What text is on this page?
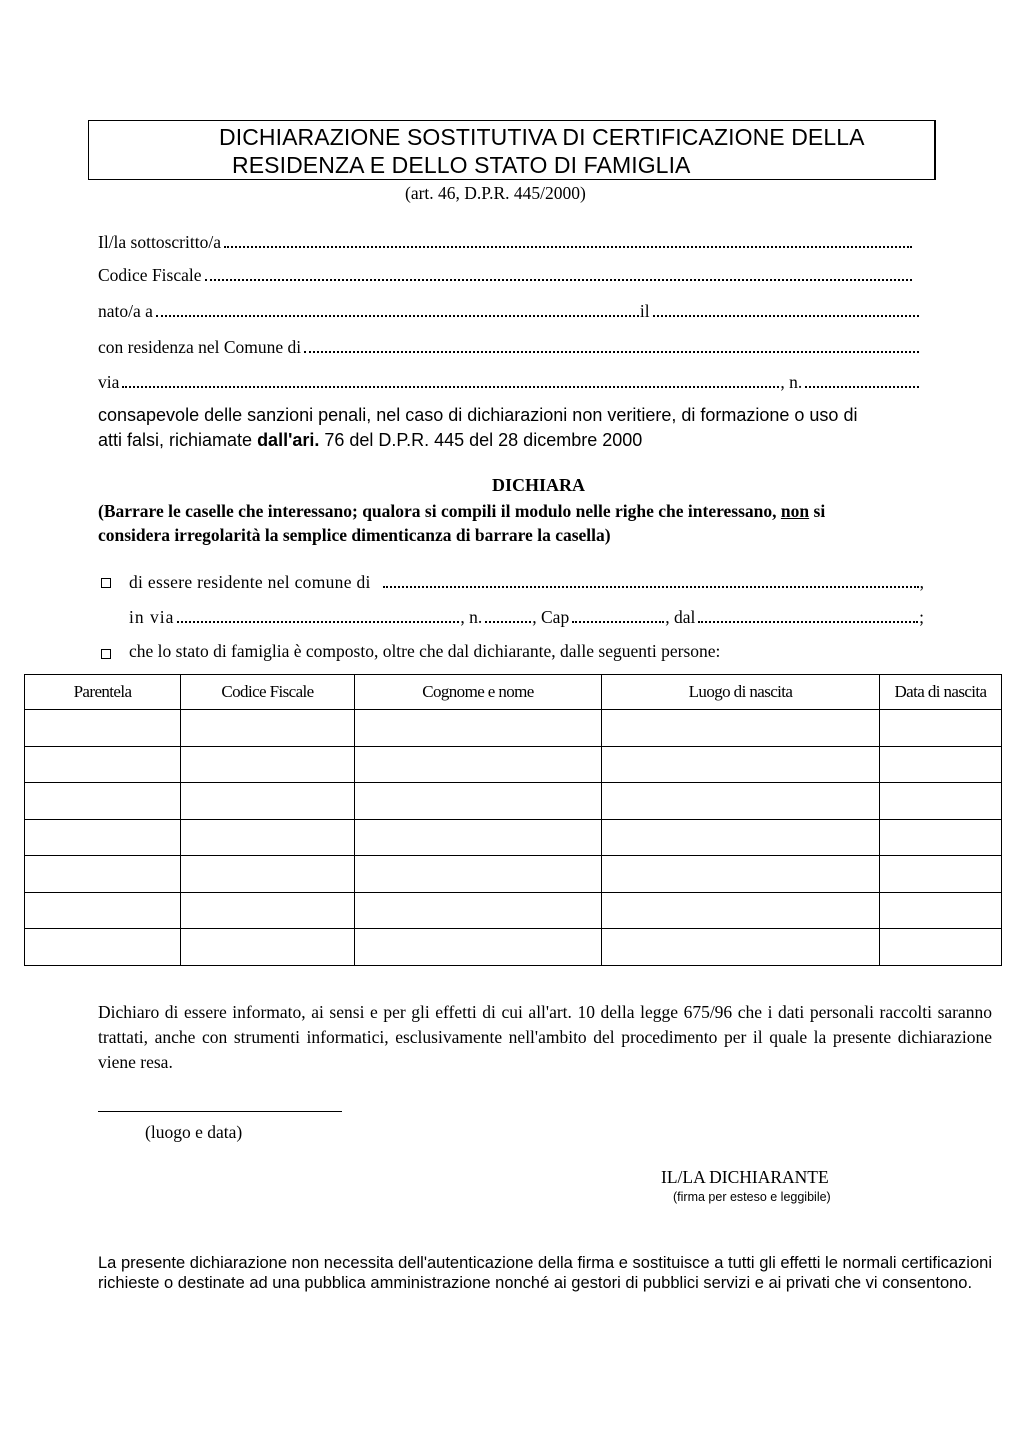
DICHIARAZIONE SOSTITUTIVA DI CERTIFICAZIONE DELLA
RESIDENZA E DELLO STATO DI FAMIGLIA
(art. 46, D.P.R. 445/2000)
Il/la sottoscritto/a
Codice Fiscale
nato/a a	il
con residenza nel Comune di
via	, n.
consapevole delle sanzioni penali, nel caso di dichiarazioni non veritiere, di formazione o uso di
atti falsi, richiamate dall'ari. 76 del D.P.R. 445 del 28 dicembre 2000
DICHIARA
(Barrare le caselle che interessano; qualora si compili il modulo nelle righe che interessano, non si
considera irregolarità la semplice dimenticanza di barrare la casella)
di essere residente nel comune di	,
in via	, n.	, Cap	, dal	;
che lo stato di famiglia è composto, oltre che dal dichiarante, dalle seguenti persone:
Parentela	Codice Fiscale	Cognome e nome	Luogo di nascita	Data di nascita

Dichiaro di essere informato, ai sensi e per gli effetti di cui all'art. 10 della legge 675/96 che i dati personali raccolti saranno trattati, anche con strumenti informatici, esclusivamente nell'ambito del procedimento per il quale la presente dichiarazione viene resa.
(luogo e data)
IL/LA DICHIARANTE
(firma per esteso e leggibile)
La presente dichiarazione non necessita dell'autenticazione della firma e sostituisce a tutti gli effetti le normali certificazioni richieste o destinate ad una pubblica amministrazione nonché ai gestori di pubblici servizi e ai privati che vi consentono.
